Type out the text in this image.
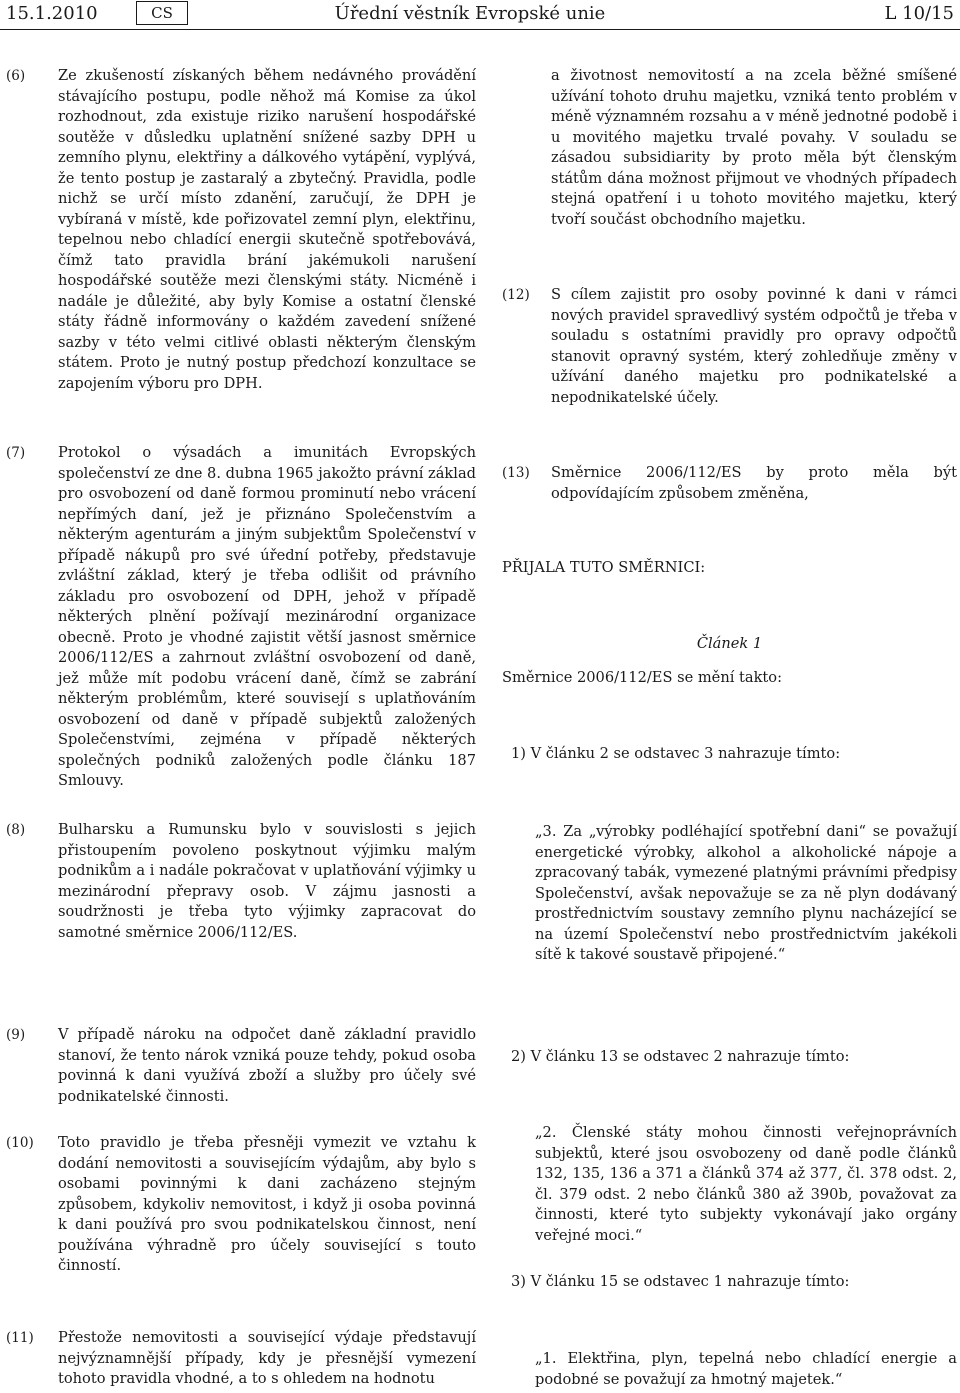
15.1.2010	CS	Úřední věstník Evropské unie	L 10/15
(6) Ze zkušeností získaných během nedávného provádění stávajícího postupu, podle něhož má Komise za úkol rozhodnout, zda existuje riziko narušení hospodářské soutěže v důsledku uplatnění snížené sazby DPH u zemního plynu, elektřiny a dálkového vytápění, vyplývá, že tento postup je zastaralý a zbytečný. Pravidla, podle nichž se určí místo zdanění, zaručují, že DPH je vybíraná v místě, kde pořizovatel zemní plyn, elektřinu, tepelnou nebo chladící energii skutečně spotřebovává, čímž tato pravidla brání jakémukoli narušení hospodářské soutěže mezi členskými státy. Nicméně i nadále je důležité, aby byly Komise a ostatní členské státy řádně informovány o každém zavedení snížené sazby v této velmi citlivé oblasti některým členským státem. Proto je nutný postup předchozí konzultace se zapojením výboru pro DPH.

(7) Protokol o výsadách a imunitách Evropských společenství ze dne 8. dubna 1965 jakožto právní základ pro osvobození od daně formou prominutí nebo vrácení nepřímých daní, jež je přiznáno Společenstvím a některým agenturám a jiným subjektům Společenství v případě nákupů pro své úřední potřeby, představuje zvláštní základ, který je třeba odlišit od právního základu pro osvobození od DPH, jehož v případě některých plnění požívají mezinárodní organizace obecně. Proto je vhodné zajistit větší jasnost směrnice 2006/112/ES a zahrnout zvláštní osvobození od daně, jež může mít podobu vrácení daně, čímž se zabrání některým problémům, které souvisejí s uplatňováním osvobození od daně v případě subjektů založených Společenstvími, zejména v případě některých společných podniků založených podle článku 187 Smlouvy.

(8) Bulharsku a Rumunsku bylo v souvislosti s jejich přistoupením povoleno poskytnout výjimku malým podnikům a i nadále pokračovat v uplatňování výjimky u mezinárodní přepravy osob. V zájmu jasnosti a soudržnosti je třeba tyto výjimky zapracovat do samotné směrnice 2006/112/ES.

(9) V případě nároku na odpočet daně základní pravidlo stanoví, že tento nárok vzniká pouze tehdy, pokud osoba povinná k dani využívá zboží a služby pro účely své podnikatelské činnosti.

(10) Toto pravidlo je třeba přesněji vymezit ve vztahu k dodání nemovitosti a souvisejícím výdajům, aby bylo s osobami povinnými k dani zacházeno stejným způsobem, kdykoliv nemovitost, i když ji osoba povinná k dani používá pro svou podnikatelskou činnost, není používána výhradně pro účely související s touto činností.

(11) Přestože nemovitosti a související výdaje představují nejvýznamnější případy, kdy je přesnější vymezení tohoto pravidla vhodné, a to s ohledem na hodnotu

a životnost nemovitostí a na zcela běžné smíšené užívání tohoto druhu majetku, vzniká tento problém v méně významném rozsahu a v méně jednotné podobě i u movitého majetku trvalé povahy. V souladu se zásadou subsidiarity by proto měla být členským státům dána možnost přijmout ve vhodných případech stejná opatření i u tohoto movitého majetku, který tvoří součást obchodního majetku.
(12) S cílem zajistit pro osoby povinné k dani v rámci nových pravidel spravedlivý systém odpočtů je třeba v souladu s ostatními pravidly pro opravy odpočtů stanovit opravný systém, který zohledňuje změny v užívání daného majetku pro podnikatelské a nepodnikatelské účely.

(13) Směrnice 2006/112/ES by proto měla být odpovídajícím způsobem změněna,

PŘIJALA TUTO SMĚRNICI:
Článek 1
Směrnice 2006/112/ES se mění takto:
1) V článku 2 se odstavec 3 nahrazuje tímto:
„3. Za „výrobky podléhající spotřební dani“ se považují energetické výrobky, alkohol a alkoholické nápoje a zpracovaný tabák, vymezené platnými právními předpisy Společenství, avšak nepovažuje se za ně plyn dodávaný prostřednictvím soustavy zemního plynu nacházející se na území Společenství nebo prostřednictvím jakékoli sítě k takové soustavě připojené.“
2) V článku 13 se odstavec 2 nahrazuje tímto:
„2. Členské státy mohou činnosti veřejnoprávních subjektů, které jsou osvobozeny od daně podle článků 132, 135, 136 a 371 a článků 374 až 377, čl. 378 odst. 2, čl. 379 odst. 2 nebo článků 380 až 390b, považovat za činnosti, které tyto subjekty vykonávají jako orgány veřejné moci.“
3) V článku 15 se odstavec 1 nahrazuje tímto:
„1. Elektřina, plyn, tepelná nebo chladící energie a podobné se považují za hmotný majetek.“
